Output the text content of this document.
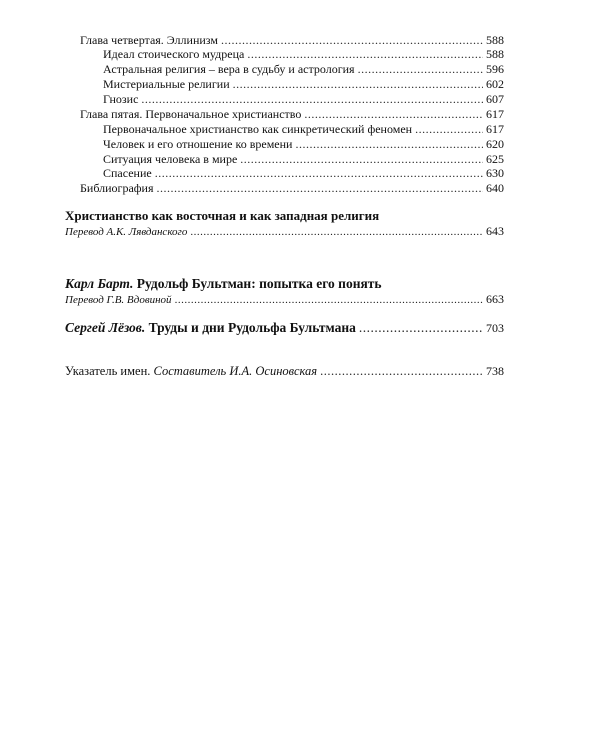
Глава четвертая. Эллинизм .....	588
Идеал стоического мудреца .....	588
Астральная религия – вера в судьбу и астрология .....	596
Мистериальные религии .....	602
Гнозис .....	607
Глава пятая. Первоначальное христианство .....	617
Первоначальное христианство как синкретический феномен .....	617
Человек и его отношение ко времени .....	620
Ситуация человека в мире .....	625
Спасение .....	630
Библиография .....	640
Христианство как восточная и как западная религия
Перевод А.К. Лявданского .....	643
Карл Барт. Рудольф Бультман: попытка его понять
Перевод Г.В. Вдовиной .....	663
Сергей Лёзов. Труды и дни Рудольфа Бультмана .....	703
Указатель имен. Составитель И.А. Осиновская .....	738
